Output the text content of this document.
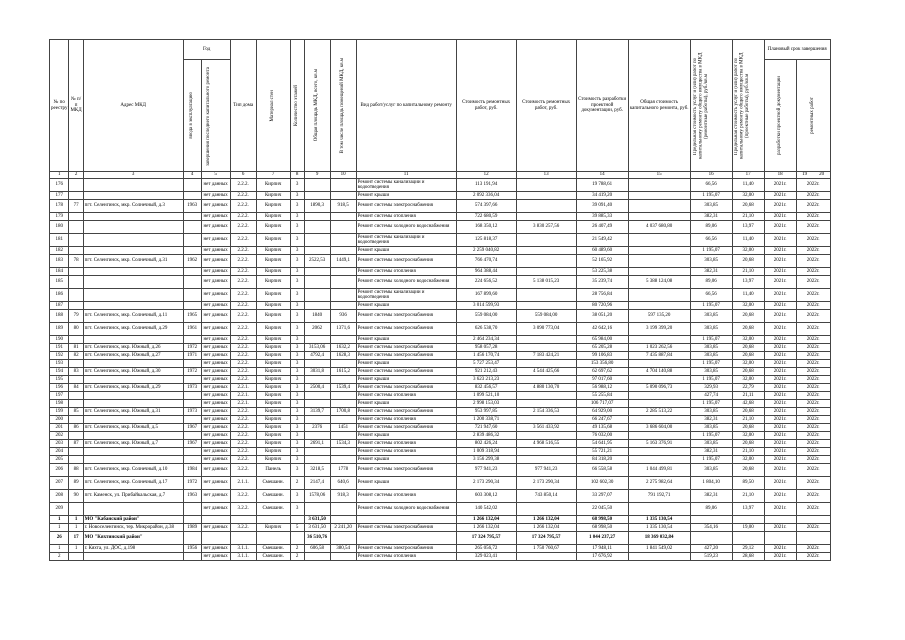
№ по реестру	№ п/п МКД	Адрес МКД	Год		Тип дома	Материал стен	Количество этажей	Общая площадь МКД, всего, кв.м	В том числе площадь помещений МКД, кв.м	Вид работ/услуг по капитальному ремонту	Стоимость ремонтных работ, руб.	Стоимость ремонтных работ, руб.	Стоимость разработки проектной документации, руб.	Общая стоимость капитального ремонта, руб.	Предельная стоимость услуг и (или) работ по капитальному ремонту общего имущества в МКД (ремонтные работы), руб./кв.м	Предельная стоимость услуг и (или) работ по капитальному ремонту общего имущества в МКД (проектные работы), руб./кв.м	Плановый срок завершения	

			ввода в эксплуатацию	завершения последнего капитального ремонта													разработки проектной документации	ремонтных работ

1	2	3	4	5	6	7	8	9	10	11	12	13	14	15	16	17	18	19 20
176				нет данных	2.2.2.	Кирпич	3			Ремонт системы канализации и водоотведения	113 191,94		19 788,61		66,56	11,40	2021г.	2022г.
177				нет данных	2.2.2.	Кирпич	3			Ремонт крыши	2 092 336,04		34 419,20		1 195,07	32,00	2021г.	2022г.
178	77	пгт. Селенгинск, мкр. Солнечный, д.3	1963	нет данных	2.2.2.	Кирпич	3	1890,3	918,5	Ремонт системы электроснабжения	574 397,66		39 091,40		303,85	20,68	2021г.	2022г.
179				нет данных	2.2.2.	Кирпич	3			Ремонт системы отопления	722 680,59		39 885,33		382,31	21,10	2021г.	2022г.
180				нет данных	2.2.2.	Кирпич	3			Ремонт системы холодного водоснабжения	168 350,12	3 830 257,56	26 407,49	4 037 680,80	89,06	13,97	2021г.	2022г.
181				нет данных	2.2.2.	Кирпич	3			Ремонт системы канализации и водоотведения	125 818,37		21 549,42		66,56	11,40	2021г.	2022г.
182				нет данных	2.2.2.	Кирпич	3			Ремонт крыши	2 259 040,82		60 489,60		1 195,07	32,00	2021г.	2022г.
183	78	пгт. Селенгинск, мкр. Солнечный, д.31	1962	нет данных	2.2.2.	Кирпич	3	2522,53	1449,1	Ремонт системы электроснабжения	766 470,74		52 165,92		303,85	20,68	2021г.	2022г.
184				нет данных	2.2.2.	Кирпич	3			Ремонт системы отопления	964 388,44		53 225,38		382,31	21,10	2021г.	2022г.
185				нет данных	2.2.2.	Кирпич	3			Ремонт системы холодного водоснабжения	224 656,52	5 138 015,23	35 239,74	5 388 124,08	89,06	13,97	2021г.	2022г.
186				нет данных	2.2.2.	Кирпич	3			Ремонт системы канализации и водоотведения	167 899,60		28 756,84		66,56	11,40	2021г.	2022г.
187				нет данных	2.2.2.	Кирпич	3			Ремонт крыши	3 014 599,93		80 720,96		1 195,07	32,00	2021г.	2022г.
188	79	пгт. Селенгинск, мкр. Солнечный, д.11	1965	нет данных	2.2.2.	Кирпич	3	1840	936	Ремонт системы электроснабжения	559 084,00	559 084,00	38 051,20	597 135,20	303,85	20,68	2021г.	2022г.
189	80	пгт. Селенгинск, мкр. Солнечный, д.29	1961	нет данных	2.2.2.	Кирпич	3	2062	1371,6	Ремонт системы электроснабжения	626 538,70	3 090 773,04	42 642,16	3 199 399,20	303,85	20,68	2021г.	2022г.
190				нет данных	2.2.2.	Кирпич	3			Ремонт крыши	2 464 234,34		65 984,00		1 195,07	32,00	2021г.	2022г.
191	81	пгт. Селенгинск, мкр. Южный, д.26	1972	нет данных	2.2.2.	Кирпич	3	3153,06	1632,2	Ремонт системы электроснабжения	958 057,28		65 205,28	1 023 262,56	303,85	20,68	2021г.	2022г.
192	82	пгт. Селенгинск, мкр. Южный, д.27	1971	нет данных	2.2.2.	Кирпич	3	4792,4	1628,3	Ремонт системы электроснабжения	1 456 170,74	7 183 424,21	99 106,83	7 435 887,84	303,85	20,68	2021г.	2022г.
193				нет данных	2.2.2.	Кирпич	3			Ремонт крыши	5 727 253,47		153 356,80		1 195,07	32,00	2021г.	2022г.
194	83	пгт. Селенгинск, мкр. Южный, д.30	1972	нет данных	2.2.2.	Кирпич	3	3031,8	1615,2	Ремонт системы электроснабжения	921 212,43	4 544 425,66	62 697,62	4 704 140,88	303,85	20,68	2021г.	2022г.
195				нет данных	2.2.2.	Кирпич	3			Ремонт крыши	3 623 213,23		97 017,60		1 195,07	32,00	2021г.	2022г.
196	84	пгт. Селенгинск, мкр. Южный, д.29	1973	нет данных	2.2.1.	Кирпич	3	2500,4	1539,4	Ремонт системы электроснабжения	832 456,57	4 880 130,70	56 988,12	5 090 096,73	329,93	22,79	2021г.	2022г.
197				нет данных	2.2.1.	Кирпич	3			Ремонт системы отопления	1 099 521,10		55 255,84		427,74	21,11	2021г.	2022г.
198				нет данных	2.2.1.	Кирпич	3			Ремонт крыши	2 998 153,03		106 717,07		1 195,07	42,68	2021г.	2022г.
199	85	пгт. Селенгинск, мкр. Южный, д.31	1973	нет данных	2.2.2.	Кирпич	3	3139,7	1700,8	Ремонт системы электроснабжения	953 997,85	2 154 336,53	64 929,00	2 285 513,22	303,85	20,68	2021г.	2022г.
200				нет данных	2.2.2.	Кирпич	3			Ремонт системы отопления	1 200 338,71		66 247,67		382,31	21,10	2021г.	2022г.
201	86	пгт. Селенгинск, мкр. Южный, д.5	1967	нет данных	2.2.2.	Кирпич	3	2376	1451	Ремонт системы электроснабжения	721 947,60	3 561 433,92	49 135,68	3 686 604,00	303,85	20,68	2021г.	2022г.
202				нет данных	2.2.2.	Кирпич	3			Ремонт крыши	2 839 486,32		76 032,00		1 195,07	32,00	2021г.	2022г.
203	87	пгт. Селенгинск, мкр. Южный, д.7	1967	нет данных	2.2.2.	Кирпич	3	2691,1	1534,3	Ремонт системы отопления	802 426,24	4 968 516,55	54 641,95	5 163 376,91	303,85	20,68	2021г.	2022г.
204				нет данных	2.2.2.	Кирпич	3			Ремонт системы отопления	1 009 318,94		55 721,21		382,31	21,10	2021г.	2022г.
205				нет данных	2.2.2.	Кирпич	3			Ремонт крыши	3 156 299,38		84 318,20		1 195,07	32,00	2021г.	2022г.
206	88	пгт. Селенгинск, мкр. Солнечный, д.10	1984	нет данных	3.2.2.	Панель	3	3218,5	1778	Ремонт системы электроснабжения	977 941,23	977 941,23	66 558,58	1 044 499,81	303,85	20,68	2021г.	2022г.
207	89	пгт. Селенгинск, мкр. Солнечный, д.17	1972	нет данных	2.1.1.	Смешанн.	2	2147,4	640,6	Ремонт крыши	2 173 290,34	2 173 290,34	102 602,30	2 275 982,64	1 804,10	89,50	2021г.	2022г.
208	90	пгт. Каменск, ул. Прибайкальская, д.7	1963	нет данных	3.2.2.	Смешанн.	3	1578,06	918,3	Ремонт системы отопления	603 308,12	743 850,14	33 297,07	791 192,71	382,31	21,10	2021г.	2022г.
209				нет данных	3.2.2.	Смешанн.	3			Ремонт системы холодного водоснабжения	140 542,02		22 045,50		89,06	13,97	2021г.	2022г.
1	1	МО "Кабанский район"						3 631,50			1 266 132,04	1 266 132,04	68 998,50	1 335 130,54				
1	1	г. Новоселенгинск, тер. Микрорайон, д.38	1989	нет данных	3.2.2.	Кирпич	5	3 631,50	2 241,20	Ремонт системы электроснабжения	1 266 132,04	1 266 132,04	68 998,50	1 335 130,54	354,16	19,00	2021г.	2022г.
26	17	МО "Кяхтинский район"						36 510,76			17 324 795,57	17 324 795,57	1 044 237,27	18 369 032,84				
1	1	г. Кяхта, ул. ДОС, д.198	1956	нет данных	3.1.1.	Смешанн.	2	606,58	380,54	Ремонт системы электроснабжения	265 056,72	1 750 760,67	17 948,11	1 841 549,02	427,20	29,12	2021г.	2022г.
2				нет данных	3.1.1.	Смешанн.	2			Ремонт системы отопления	329 023,41		17 676,92		519,23	28,68	2021г.	2022г.
